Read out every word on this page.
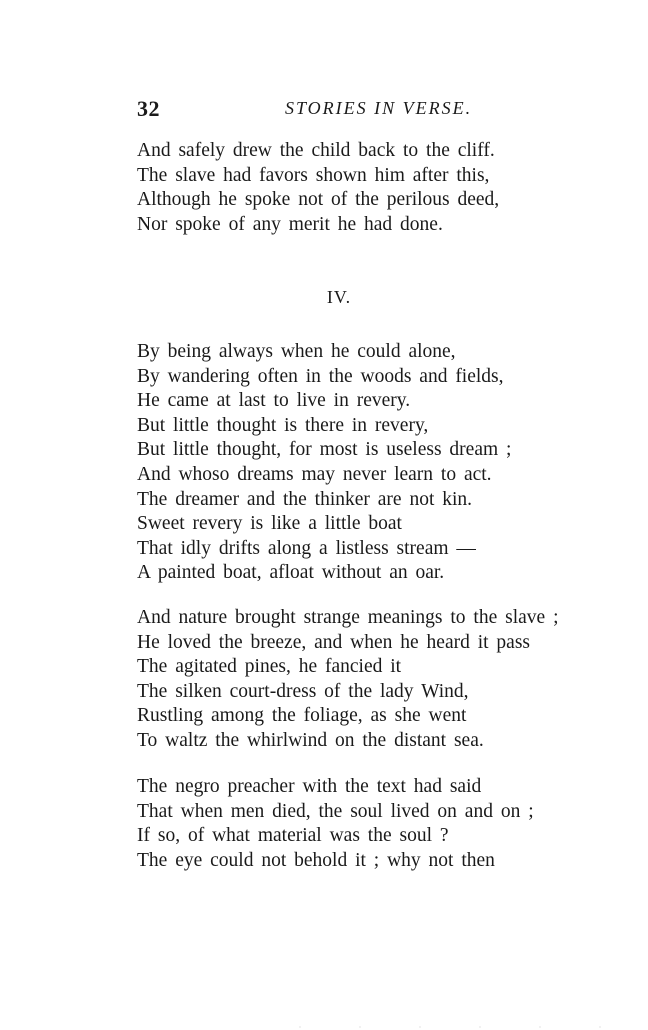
32	STORIES IN VERSE.
And safely drew the child back to the cliff.
The slave had favors shown him after this,
Although he spoke not of the perilous deed,
Nor spoke of any merit he had done.
IV.
By being always when he could alone,
By wandering often in the woods and fields,
He came at last to live in revery.
But little thought is there in revery,
But little thought, for most is useless dream ;
And whoso dreams may never learn to act.
The dreamer and the thinker are not kin.
Sweet revery is like a little boat
That idly drifts along a listless stream —
A painted boat, afloat without an oar.
And nature brought strange meanings to the slave ;
He loved the breeze, and when he heard it pass
The agitated pines, he fancied it
The silken court-dress of the lady Wind,
Rustling among the foliage, as she went
To waltz the whirlwind on the distant sea.
The negro preacher with the text had said
That when men died, the soul lived on and on ;
If so, of what material was the soul ?
The eye could not behold it ; why not then
